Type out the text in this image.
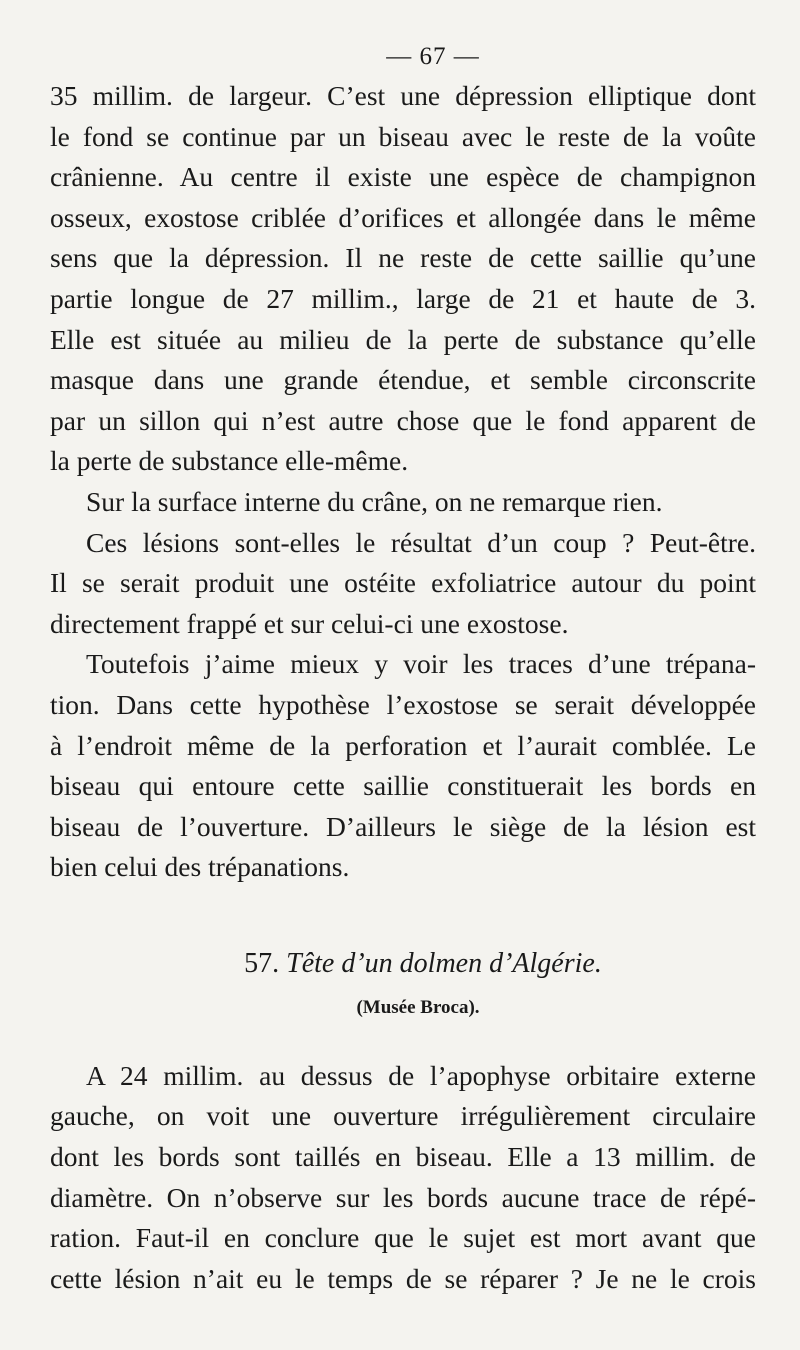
— 67 —
35 millim. de largeur. C’est une dépression elliptique dont
le fond se continue par un biseau avec le reste de la voûte
crânienne. Au centre il existe une espèce de champignon
osseux, exostose criblée d’orifices et allongée dans le même
sens que la dépression. Il ne reste de cette saillie qu’une
partie longue de 27 millim., large de 21 et haute de 3.
Elle est située au milieu de la perte de substance qu’elle
masque dans une grande étendue, et semble circonscrite
par un sillon qui n’est autre chose que le fond apparent de
la perte de substance elle-même.
Sur la surface interne du crâne, on ne remarque rien.
Ces lésions sont-elles le résultat d’un coup ? Peut-être.
Il se serait produit une ostéite exfoliatrice autour du point
directement frappé et sur celui-ci une exostose.
Toutefois j’aime mieux y voir les traces d’une trépana-
tion. Dans cette hypothèse l’exostose se serait développée
à l’endroit même de la perforation et l’aurait comblée. Le
biseau qui entoure cette saillie constituerait les bords en
biseau de l’ouverture. D’ailleurs le siège de la lésion est
bien celui des trépanations.
57. Tête d’un dolmen d’Algérie.
(Musée Broca).
A 24 millim. au dessus de l’apophyse orbitaire externe
gauche, on voit une ouverture irrégulièrement circulaire
dont les bords sont taillés en biseau. Elle a 13 millim. de
diamètre. On n’observe sur les bords aucune trace de répé-
ration. Faut-il en conclure que le sujet est mort avant que
cette lésion n’ait eu le temps de se réparer ? Je ne le crois
